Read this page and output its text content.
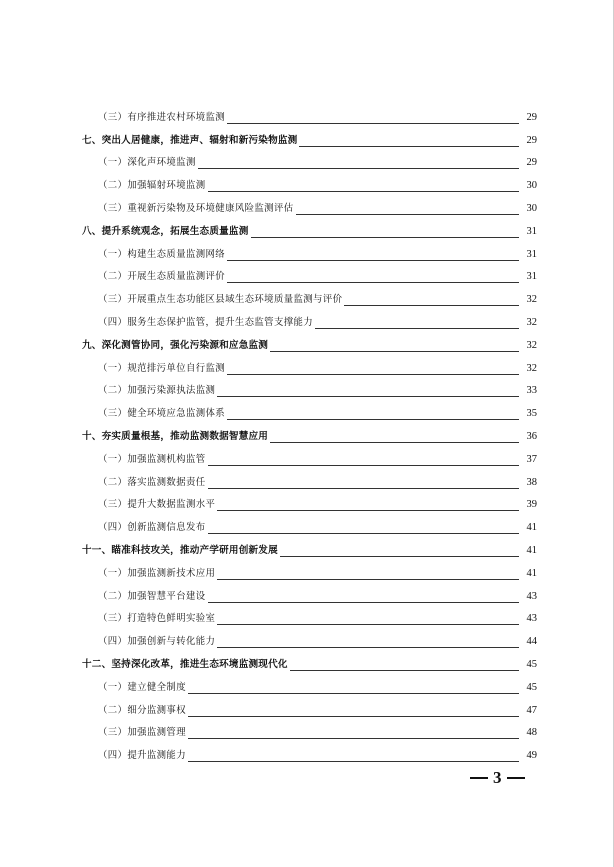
（三）有序推进农村环境监测	29
七、突出人居健康，推进声、辐射和新污染物监测	29
（一）深化声环境监测	29
（二）加强辐射环境监测	30
（三）重视新污染物及环境健康风险监测评估	30
八、提升系统观念，拓展生态质量监测	31
（一）构建生态质量监测网络	31
（二）开展生态质量监测评价	31
（三）开展重点生态功能区县域生态环境质量监测与评价	32
（四）服务生态保护监管，提升生态监管支撑能力	32
九、深化测管协同，强化污染源和应急监测	32
（一）规范排污单位自行监测	32
（二）加强污染源执法监测	33
（三）健全环境应急监测体系	35
十、夯实质量根基，推动监测数据智慧应用	36
（一）加强监测机构监管	37
（二）落实监测数据责任	38
（三）提升大数据监测水平	39
（四）创新监测信息发布	41
十一、瞄准科技攻关，推动产学研用创新发展	41
（一）加强监测新技术应用	41
（二）加强智慧平台建设	43
（三）打造特色鲜明实验室	43
（四）加强创新与转化能力	44
十二、坚持深化改革，推进生态环境监测现代化	45
（一）建立健全制度	45
（二）细分监测事权	47
（三）加强监测管理	48
（四）提升监测能力	49
3
